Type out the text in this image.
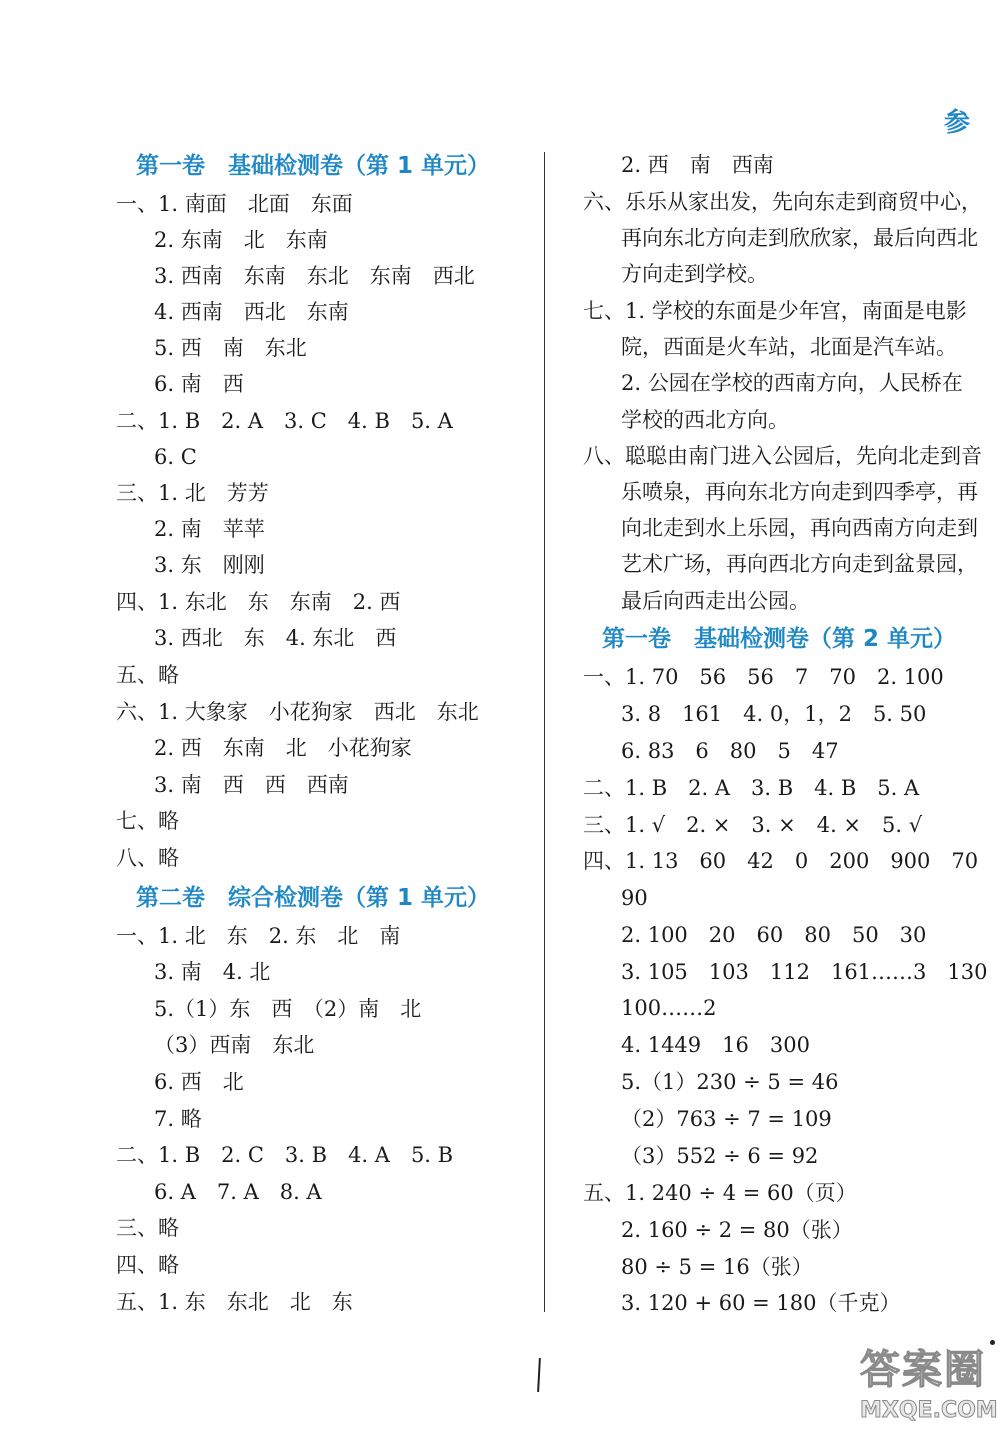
参
第一卷　基础检测卷（第 1 单元）
一、1. 南面　北面　东面
2. 东南　北　东南
3. 西南　东南　东北　东南　西北
4. 西南　西北　东南
5. 西　南　东北
6. 南　西
二、1. B　2. A　3. C　4. B　5. A
6. C
三、1. 北　芳芳
2. 南　苹苹
3. 东　刚刚
四、1. 东北　东　东南　2. 西
3. 西北　东　4. 东北　西
五、略
六、1. 大象家　小花狗家　西北　东北
2. 西　东南　北　小花狗家
3. 南　西　西　西南
七、略
八、略
第二卷　综合检测卷（第 1 单元）
一、1. 北　东　2. 东　北　南
3. 南　4. 北
5.（1）东　西　（2）南　北
（3）西南　东北
6. 西　北
7. 略
二、1. B　2. C　3. B　4. A　5. B
6. A　7. A　8. A
三、略
四、略
五、1. 东　东北　北　东
2. 西　南　西南
六、乐乐从家出发，先向东走到商贸中心，
再向东北方向走到欣欣家，最后向西北
方向走到学校。
七、1. 学校的东面是少年宫，南面是电影
院，西面是火车站，北面是汽车站。
2. 公园在学校的西南方向，人民桥在
学校的西北方向。
八、聪聪由南门进入公园后，先向北走到音
乐喷泉，再向东北方向走到四季亭，再
向北走到水上乐园，再向西南方向走到
艺术广场，再向西北方向走到盆景园，
最后向西走出公园。
第一卷　基础检测卷（第 2 单元）
一、1. 70　56　56　7　70　2. 100
3. 8　161　4. 0，1，2　5. 50
6. 83　6　80　5　47
二、1. B　2. A　3. B　4. B　5. A
三、1. √　2. ×　3. ×　4. ×　5. √
四、1. 13　60　42　0　200　900　70
90
2. 100　20　60　80　50　30
3. 105　103　112　161……3　130
100……2
4. 1449　16　300
5.（1）230 ÷ 5 = 46
（2）763 ÷ 7 = 109
（3）552 ÷ 6 = 92
五、1. 240 ÷ 4 = 60（页）
2. 160 ÷ 2 = 80（张）
80 ÷ 5 = 16（张）
3. 120 + 60 = 180（千克）
答案圈
MXQE.COM
